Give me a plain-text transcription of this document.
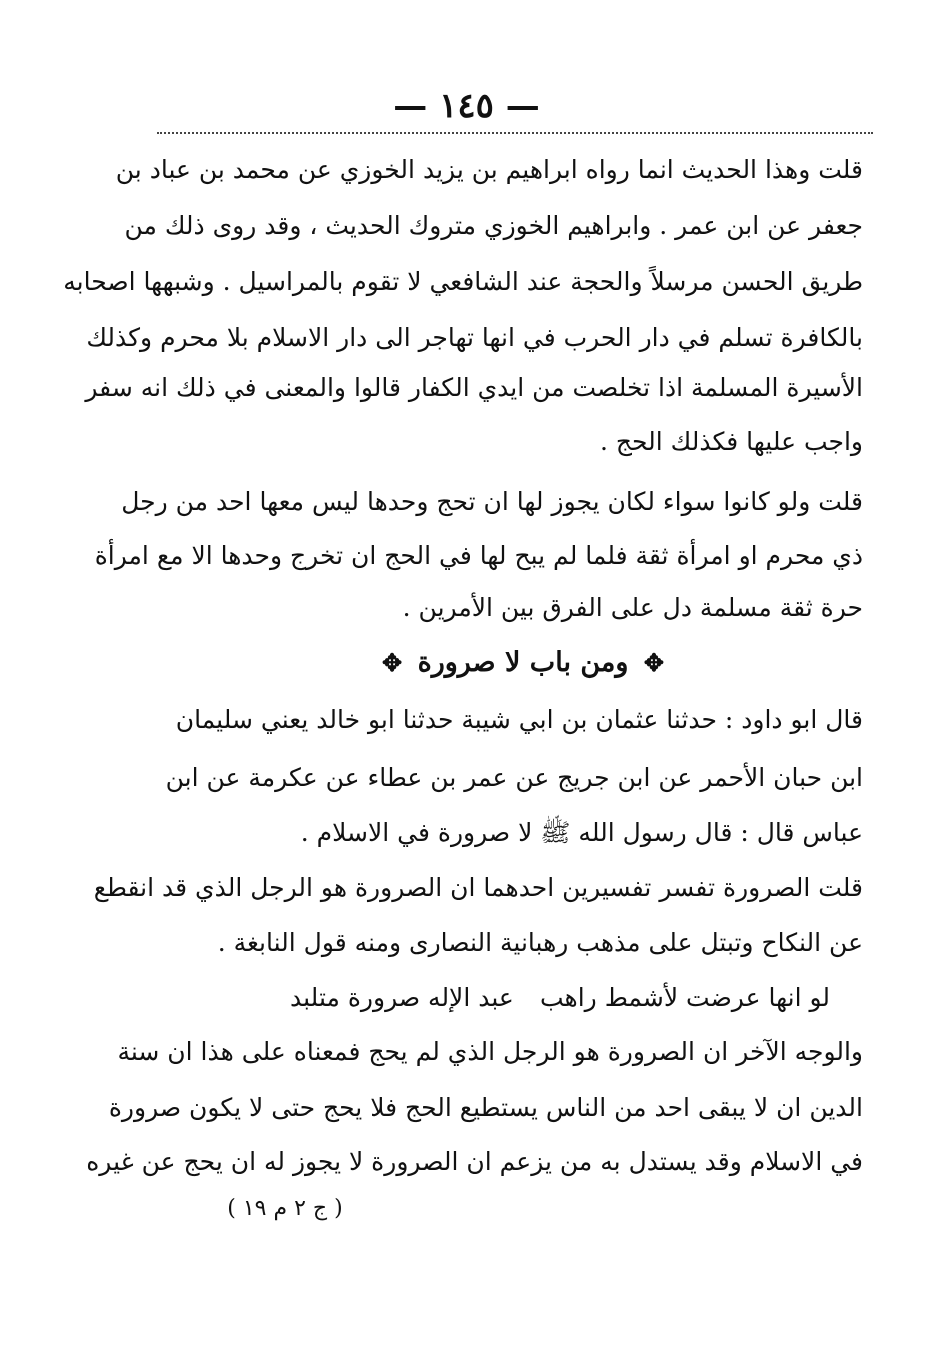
— ١٤٥ —
قلت وهذا الحديث انما رواه ابراهيم بن يزيد الخوزي عن محمد بن عباد بن
جعفر عن ابن عمر . وابراهيم الخوزي متروك الحديث ، وقد روى ذلك من
طريق الحسن مرسلاً والحجة عند الشافعي لا تقوم بالمراسيل . وشبهها اصحابه
بالكافرة تسلم في دار الحرب في انها تهاجر الى دار الاسلام بلا محرم وكذلك
الأسيرة المسلمة اذا تخلصت من ايدي الكفار قالوا والمعنى في ذلك انه سفر
واجب عليها فكذلك الحج .
قلت ولو كانوا سواء لكان يجوز لها ان تحج وحدها ليس معها احد من رجل
ذي محرم او امرأة ثقة فلما لم يبح لها في الحج ان تخرج وحدها الا مع امرأة
حرة ثقة مسلمة دل على الفرق بين الأمرين .
✥ ومن باب لا صرورة ✥
قال ابو داود : حدثنا عثمان بن ابي شيبة حدثنا ابو خالد يعني سليمان
ابن حبان الأحمر عن ابن جريج عن عمر بن عطاء عن عكرمة عن ابن
عباس قال : قال رسول الله ﷺ لا صرورة في الاسلام .
قلت الصرورة تفسر تفسيرين احدهما ان الصرورة هو الرجل الذي قد انقطع
عن النكاح وتبتل على مذهب رهبانية النصارى ومنه قول النابغة .
لو انها عرضت لأشمط راهب
عبد الإله صرورة متلبد
والوجه الآخر ان الصرورة هو الرجل الذي لم يحج فمعناه على هذا ان سنة
الدين ان لا يبقى احد من الناس يستطيع الحج فلا يحج حتى لا يكون صرورة
في الاسلام وقد يستدل به من يزعم ان الصرورة لا يجوز له ان يحج عن غيره
( ج ٢ م ١٩ )
